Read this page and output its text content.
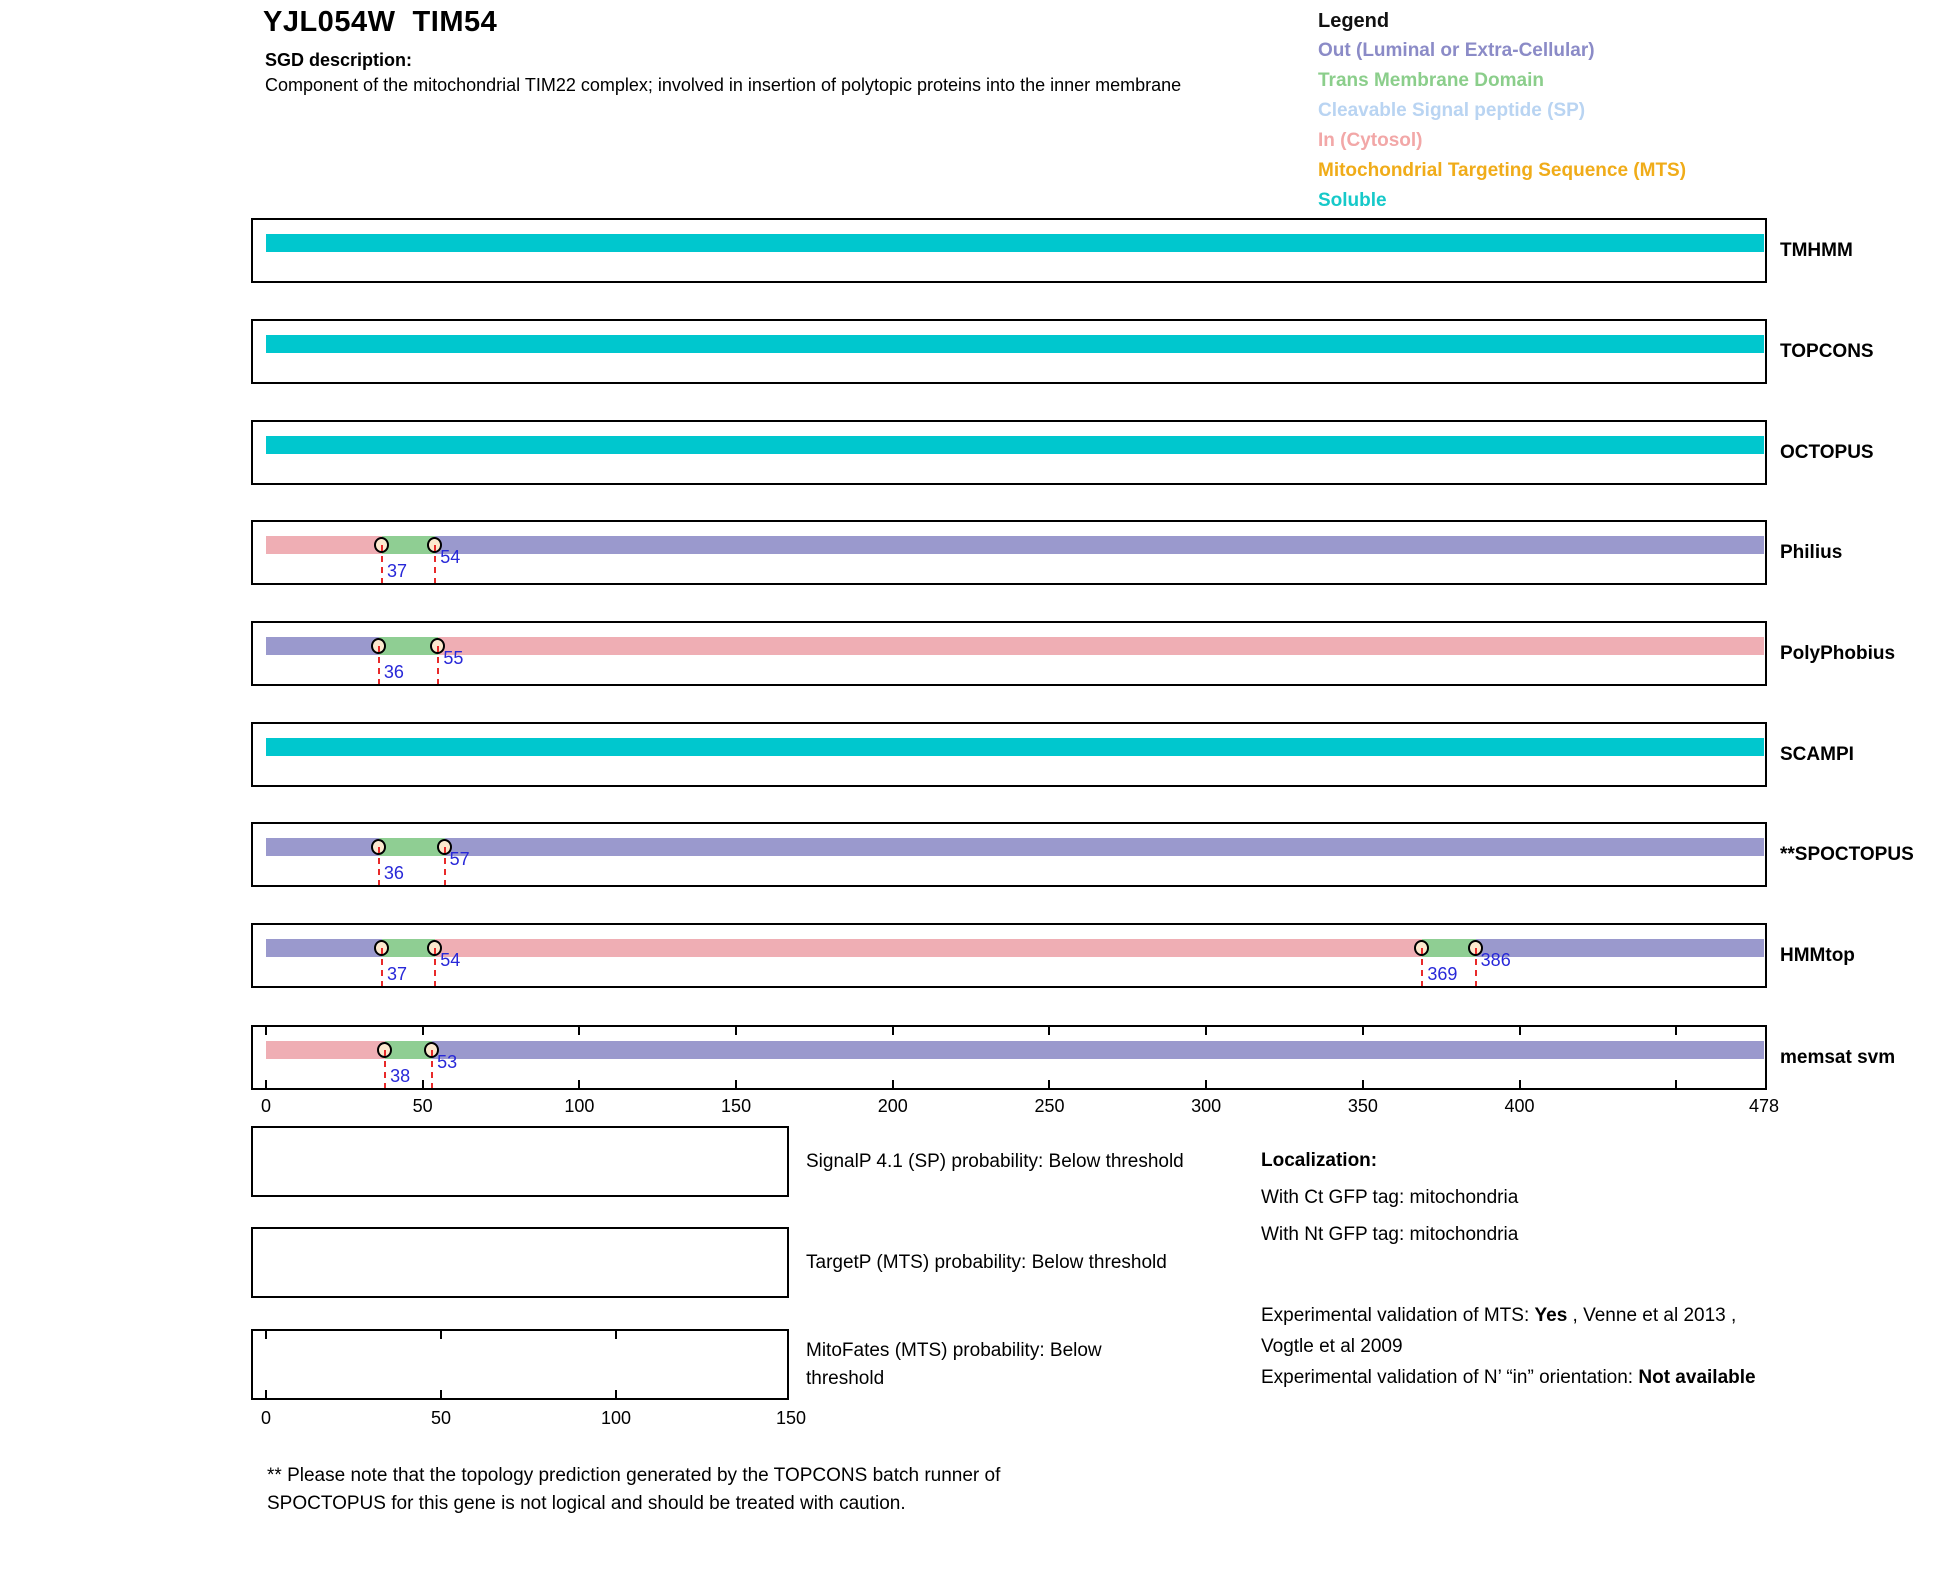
YJL054W  TIM54
SGD description:
Component of the mitochondrial TIM22 complex; involved in insertion of polytopic proteins into the inner membrane
Legend
Out (Luminal or Extra-Cellular)
Trans Membrane Domain
Cleavable Signal peptide (SP)
In (Cytosol)
Mitochondrial Targeting Sequence (MTS)
Soluble
TMHMM
TOPCONS
OCTOPUS
37
54	Philius
36
55	PolyPhobius
SCAMPI
36
57	**SPOCTOPUS
37
54
369
386	HMMtop
38
53	memsat svm
0	50	100	150	200	250	300	350	400	478
SignalP 4.1 (SP) probability: Below threshold
TargetP (MTS) probability: Below threshold
0	50	100	150
MitoFates (MTS) probability: Below
threshold
Localization:
With Ct GFP tag: mitochondria
With Nt GFP tag: mitochondria

Experimental validation of MTS: Yes , Venne et al 2013 , Vogtle et al 2009

Experimental validation of N’ “in” orientation: Not available

** Please note that the topology prediction generated by the TOPCONS batch runner of
SPOCTOPUS for this gene is not logical and should be treated with caution.
